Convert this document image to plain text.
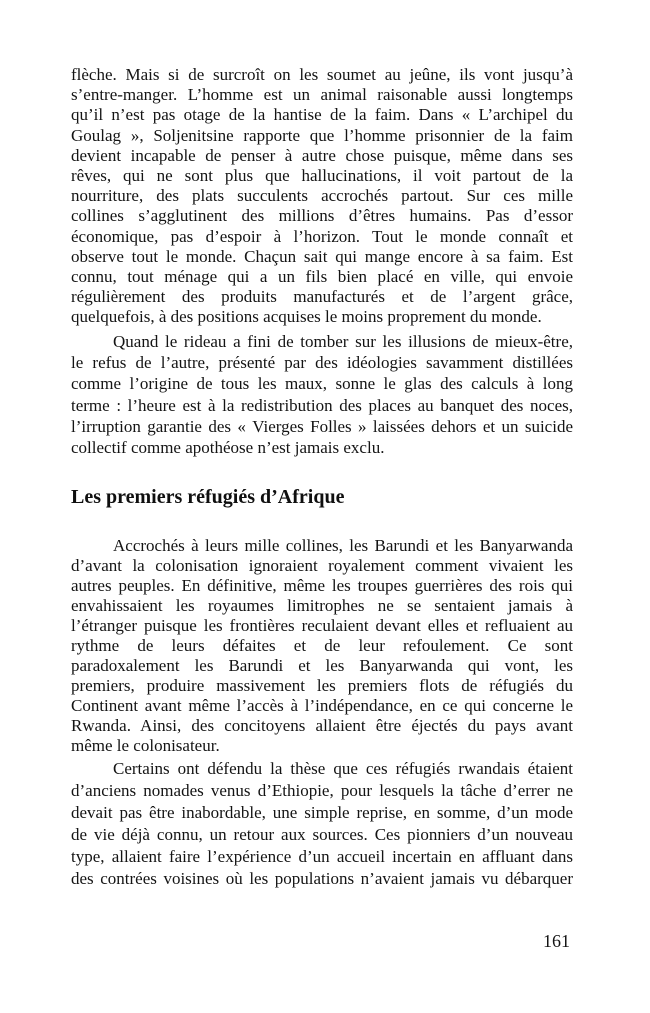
flèche. Mais si de surcroît on les soumet au jeûne, ils vont jusqu’à
s’entre-manger. L’homme est un animal raisonable aussi longtemps
qu’il n’est pas otage de la hantise de la faim. Dans « L’archipel du
Goulag », Soljenitsine rapporte que l’homme prisonnier de la faim
devient incapable de penser à autre chose puisque, même dans ses
rêves, qui ne sont plus que hallucinations, il voit partout de la
nourriture, des plats succulents accrochés partout. Sur ces mille
collines s’agglutinent des millions d’êtres humains. Pas d’essor
économique, pas d’espoir à l’horizon. Tout le monde connaît et
observe tout le monde. Chaçun sait qui mange encore à sa faim. Est
connu, tout ménage qui a un fils bien placé en ville, qui envoie
régulièrement des produits manufacturés et de l’argent grâce,
quelquefois, à des positions acquises le moins proprement du monde.
Quand le rideau a fini de tomber sur les illusions de mieux-être,
le refus de l’autre, présenté par des idéologies savamment distillées
comme l’origine de tous les maux, sonne le glas des calculs à long
terme : l’heure est à la redistribution des places au banquet des noces,
l’irruption garantie des « Vierges Folles » laissées dehors et un suicide
collectif comme apothéose n’est jamais exclu.
Les premiers réfugiés d’Afrique
Accrochés à leurs mille collines, les Barundi et les Banyarwanda
d’avant la colonisation ignoraient royalement comment vivaient les
autres peuples. En définitive, même les troupes guerrières des rois qui
envahissaient les royaumes limitrophes ne se sentaient jamais à
l’étranger puisque les frontières reculaient devant elles et refluaient au
rythme de leurs défaites et de leur refoulement. Ce sont
paradoxalement les Barundi et les Banyarwanda qui vont, les
premiers, produire massivement les premiers flots de réfugiés du
Continent avant même l’accès à l’indépendance, en ce qui concerne le
Rwanda. Ainsi, des concitoyens allaient être éjectés du pays avant
même le colonisateur.
Certains ont défendu la thèse que ces réfugiés rwandais étaient
d’anciens nomades venus d’Ethiopie, pour lesquels la tâche d’errer ne
devait pas être inabordable, une simple reprise, en somme, d’un mode
de vie déjà connu, un retour aux sources. Ces pionniers d’un nouveau
type, allaient faire l’expérience d’un accueil incertain en affluant dans
des contrées voisines où les populations n’avaient jamais vu débarquer
161
